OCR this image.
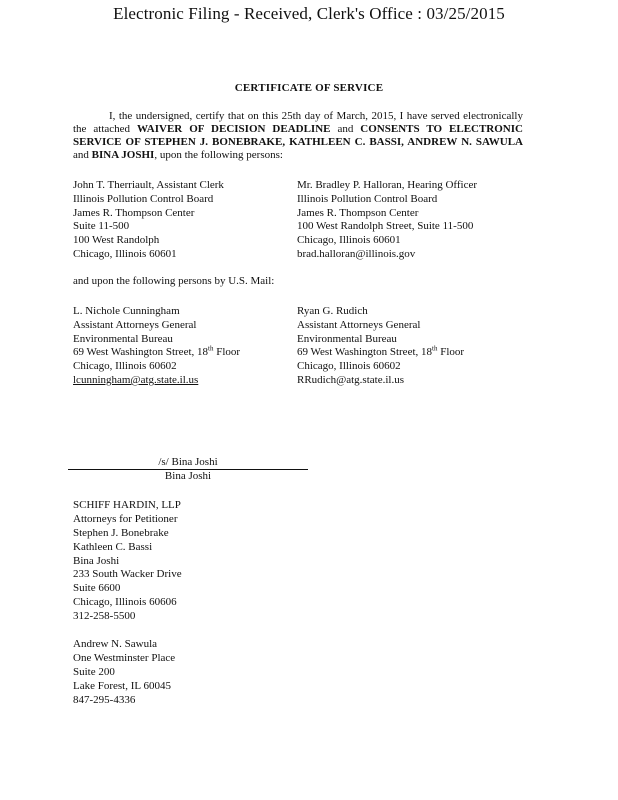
Electronic Filing - Received, Clerk's Office : 03/25/2015
CERTIFICATE OF SERVICE
I, the undersigned, certify that on this 25th day of March, 2015, I have served electronically the attached WAIVER OF DECISION DEADLINE and CONSENTS TO ELECTRONIC SERVICE OF STEPHEN J. BONEBRAKE, KATHLEEN C. BASSI, ANDREW N. SAWULA and BINA JOSHI, upon the following persons:
John T. Therriault, Assistant Clerk
Illinois Pollution Control Board
James R. Thompson Center
Suite 11-500
100 West Randolph
Chicago, Illinois 60601
Mr. Bradley P. Halloran, Hearing Officer
Illinois Pollution Control Board
James R. Thompson Center
100 West Randolph Street, Suite 11-500
Chicago, Illinois 60601
brad.halloran@illinois.gov
and upon the following persons by U.S. Mail:
L. Nichole Cunningham
Assistant Attorneys General
Environmental Bureau
69 West Washington Street, 18th Floor
Chicago, Illinois 60602
lcunningham@atg.state.il.us
Ryan G. Rudich
Assistant Attorneys General
Environmental Bureau
69 West Washington Street, 18th Floor
Chicago, Illinois 60602
RRudich@atg.state.il.us
/s/ Bina Joshi
Bina Joshi
SCHIFF HARDIN, LLP
Attorneys for Petitioner
Stephen J. Bonebrake
Kathleen C. Bassi
Bina Joshi
233 South Wacker Drive
Suite 6600
Chicago, Illinois 60606
312-258-5500
Andrew N. Sawula
One Westminster Place
Suite 200
Lake Forest, IL 60045
847-295-4336
